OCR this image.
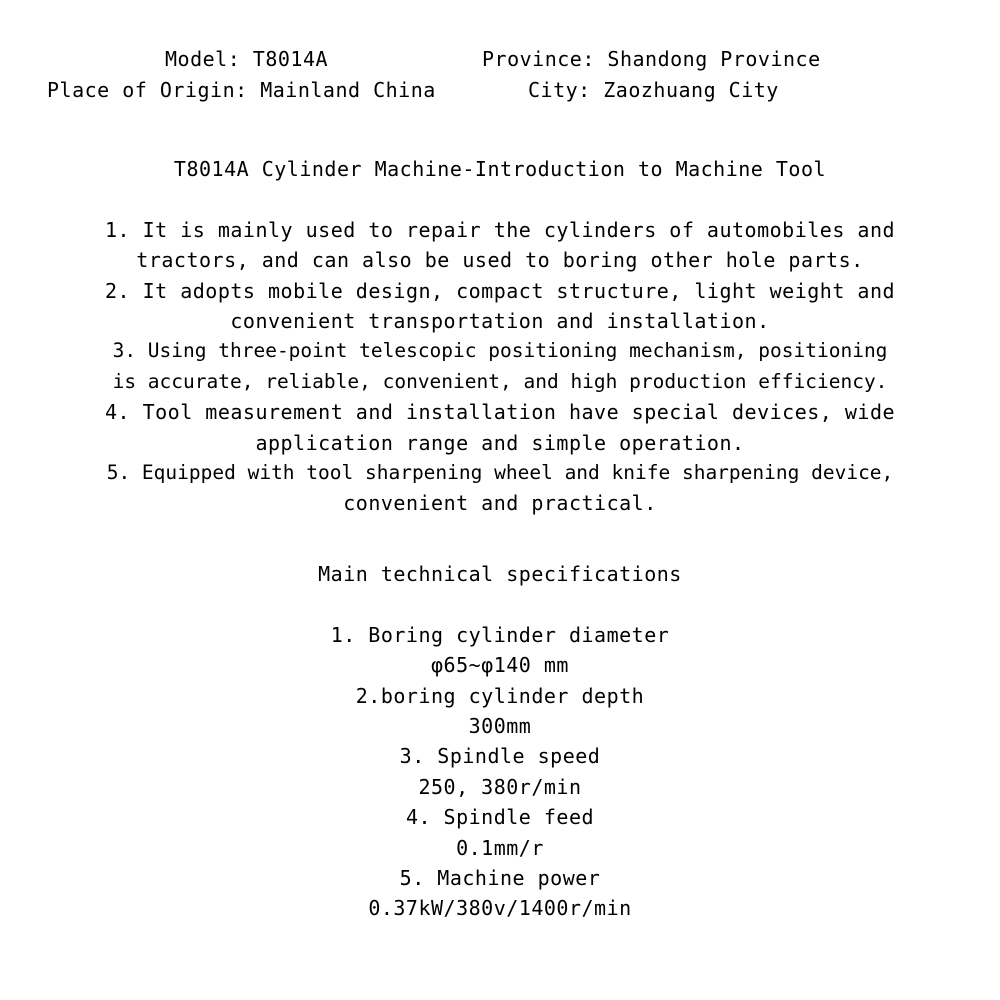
Model: T8014A	Province: Shandong Province
Place of Origin: Mainland China	City: Zaozhuang City
T8014A Cylinder Machine-Introduction to Machine Tool
1. It is mainly used to repair the cylinders of automobiles and
tractors, and can also be used to boring other hole parts.
2. It adopts mobile design, compact structure, light weight and
convenient transportation and installation.
3. Using three-point telescopic positioning mechanism, positioning
is accurate, reliable, convenient, and high production efficiency.
4. Tool measurement and installation have special devices, wide
application range and simple operation.
5. Equipped with tool sharpening wheel and knife sharpening device,
convenient and practical.
Main technical specifications
1. Boring cylinder diameter
φ65~φ140 mm
2.boring cylinder depth
300mm
3. Spindle speed
250, 380r/min
4. Spindle feed
0.1mm/r
5. Machine power
0.37kW/380v/1400r/min
